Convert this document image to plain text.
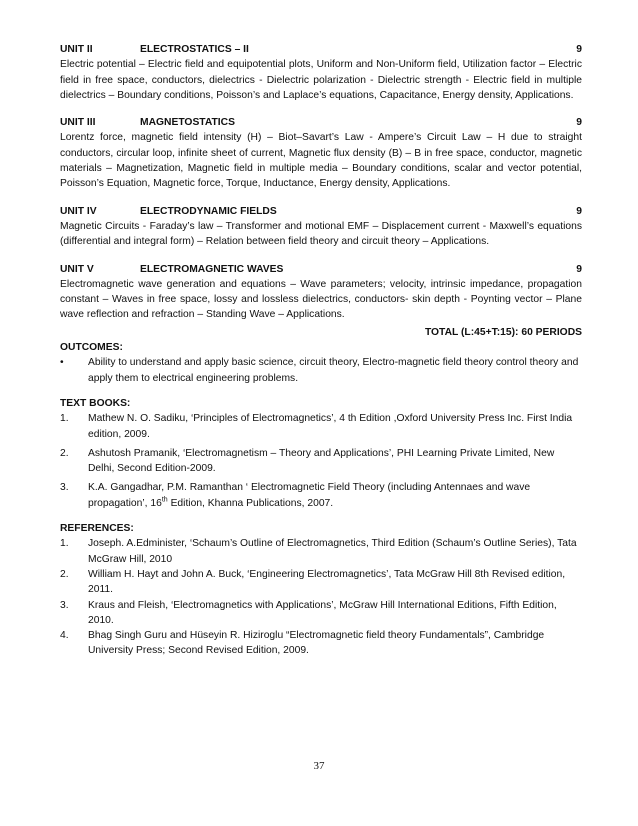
UNIT II	ELECTROSTATICS – II	9
Electric potential – Electric field and equipotential plots, Uniform and Non-Uniform field, Utilization factor – Electric field in free space, conductors, dielectrics - Dielectric polarization - Dielectric strength - Electric field in multiple dielectrics – Boundary conditions, Poisson’s and Laplace’s equations, Capacitance, Energy density, Applications.
UNIT III	MAGNETOSTATICS	9
Lorentz force, magnetic field intensity (H) – Biot–Savart’s Law - Ampere’s Circuit Law – H due to straight conductors, circular loop, infinite sheet of current, Magnetic flux density (B) – B in free space, conductor, magnetic materials – Magnetization, Magnetic field in multiple media – Boundary conditions, scalar and vector potential, Poisson’s Equation, Magnetic force, Torque, Inductance, Energy density, Applications.
UNIT IV	ELECTRODYNAMIC FIELDS	9
Magnetic Circuits - Faraday’s law – Transformer and motional EMF – Displacement current - Maxwell’s equations (differential and integral form) – Relation between field theory and circuit theory – Applications.
UNIT V	ELECTROMAGNETIC WAVES	9
Electromagnetic wave generation and equations – Wave parameters; velocity, intrinsic impedance, propagation constant – Waves in free space, lossy and lossless dielectrics, conductors- skin depth - Poynting vector – Plane wave reflection and refraction – Standing Wave – Applications.
TOTAL (L:45+T:15): 60 PERIODS
OUTCOMES:
•	Ability to understand and apply basic science, circuit theory, Electro-magnetic field theory control theory and apply them to electrical engineering problems.
TEXT BOOKS:
1.	Mathew N. O. Sadiku, ‘Principles of Electromagnetics’, 4 th Edition ,Oxford University Press Inc. First India edition, 2009.
2.	Ashutosh Pramanik, ‘Electromagnetism – Theory and Applications’, PHI Learning Private Limited, New Delhi, Second Edition-2009.
3.	K.A. Gangadhar, P.M. Ramanthan ‘ Electromagnetic Field Theory (including Antennaes and wave propagation’, 16th Edition, Khanna Publications, 2007.
REFERENCES:
1.	Joseph. A.Edminister, ‘Schaum’s Outline of Electromagnetics, Third Edition (Schaum’s Outline Series), Tata McGraw Hill, 2010
2.	William H. Hayt and John A. Buck, ‘Engineering Electromagnetics’, Tata McGraw Hill 8th Revised edition, 2011.
3.	Kraus and Fleish, ‘Electromagnetics with Applications’, McGraw Hill International Editions, Fifth Edition, 2010.
4.	Bhag Singh Guru and Hüseyin R. Hiziroglu “Electromagnetic field theory Fundamentals”, Cambridge University Press; Second Revised Edition, 2009.
37
